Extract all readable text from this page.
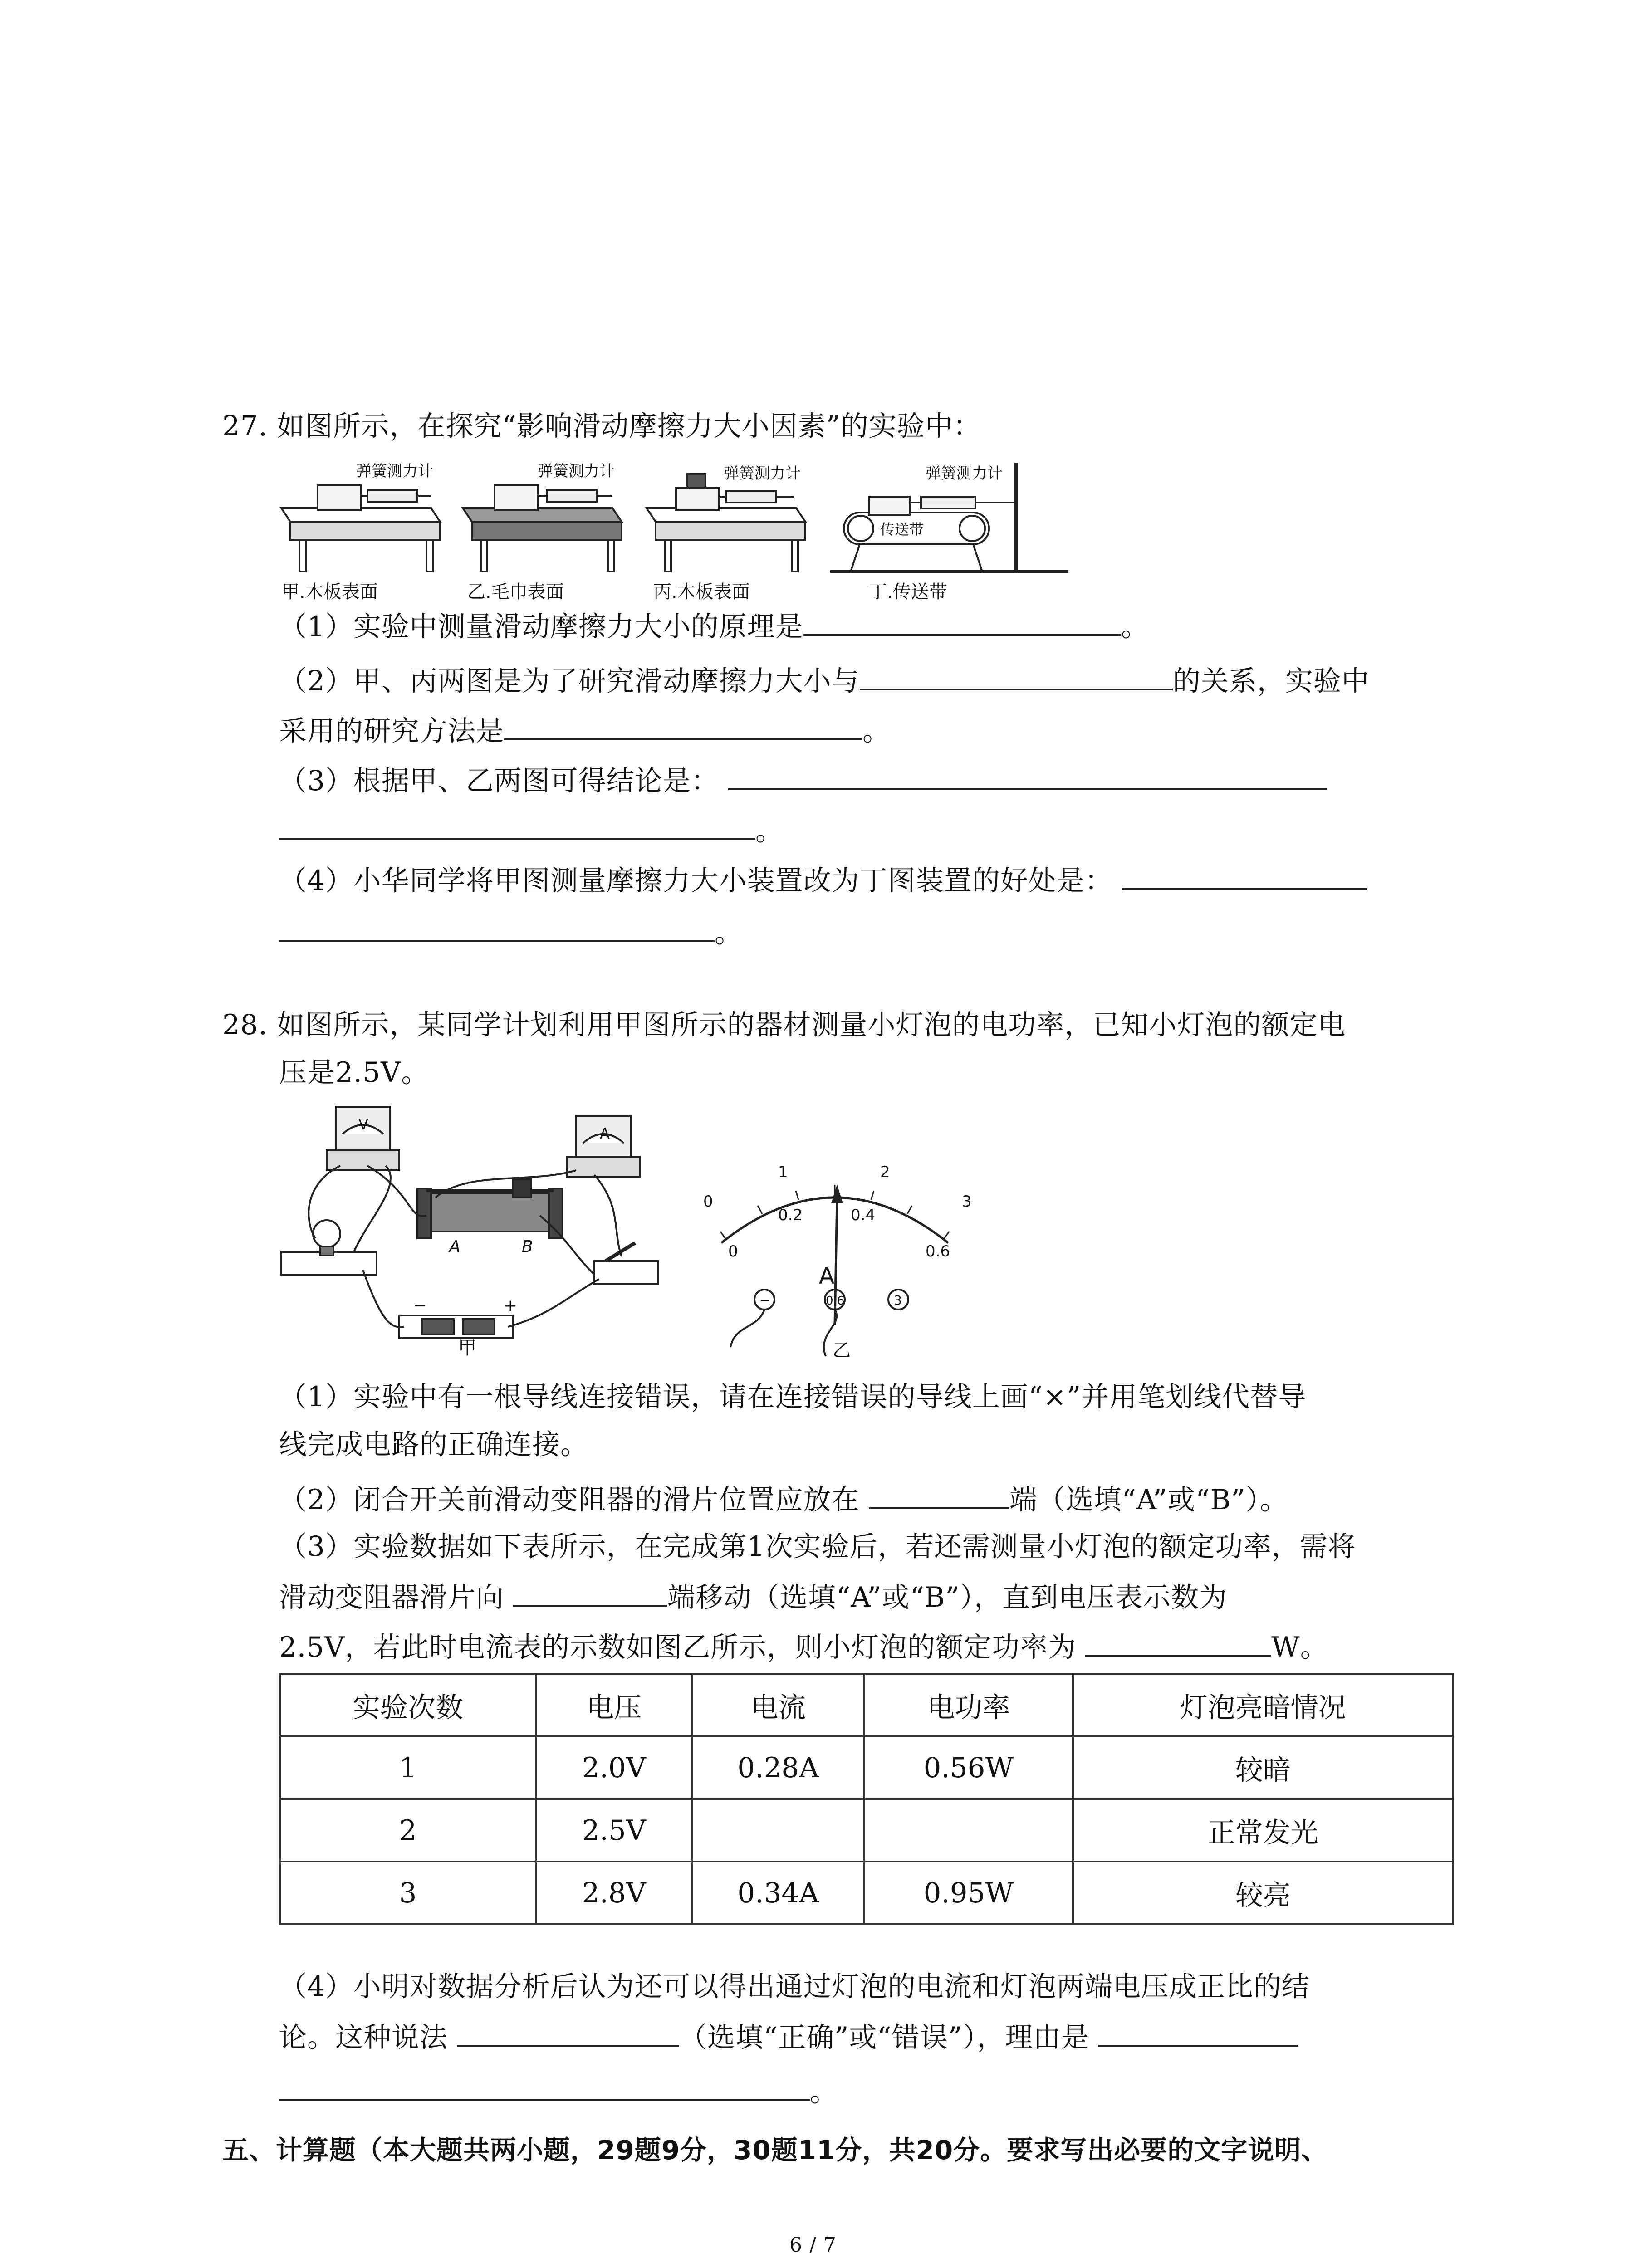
27. 如图所示，在探究“影响滑动摩擦力大小因素”的实验中：
弹簧测力计	弹簧测力计	弹簧测力计	弹簧测力计
传送带
甲.木板表面	乙.毛巾表面	丙.木板表面	丁.传送带
（1）实验中测量滑动摩擦力大小的原理是	。
（2）甲、丙两图是为了研究滑动摩擦力大小与	的关系，实验中
采用的研究方法是	。
（3）根据甲、乙两图可得结论是：
。
（4）小华同学将甲图测量摩擦力大小装置改为丁图装置的好处是：
。
28. 如图所示，某同学计划利用甲图所示的器材测量小灯泡的电功率，已知小灯泡的额定电
压是2.5V。
V
A
A	B
−	+
甲
0
1	2
3
0
0.2	0.4
0.6
A
−	0.6	3
乙
（1）实验中有一根导线连接错误，请在连接错误的导线上画“×”并用笔划线代替导
线完成电路的正确连接。
（2）闭合开关前滑动变阻器的滑片位置应放在	端（选填“A”或“B”）。
（3）实验数据如下表所示，在完成第1次实验后，若还需测量小灯泡的额定功率，需将
滑动变阻器滑片向	端移动（选填“A”或“B”），直到电压表示数为
2.5V，若此时电流表的示数如图乙所示，则小灯泡的额定功率为	W。
实验次数	电压	电流	电功率	灯泡亮暗情况
1	2.0V	0.28A	0.56W	较暗
2	2.5V			正常发光
3	2.8V	0.34A	0.95W	较亮
（4）小明对数据分析后认为还可以得出通过灯泡的电流和灯泡两端电压成正比的结
论。这种说法	（选填“正确”或“错误”），理由是
。
五、计算题（本大题共两小题，29题9分，30题11分，共20分。要求写出必要的文字说明、
6 / 7
